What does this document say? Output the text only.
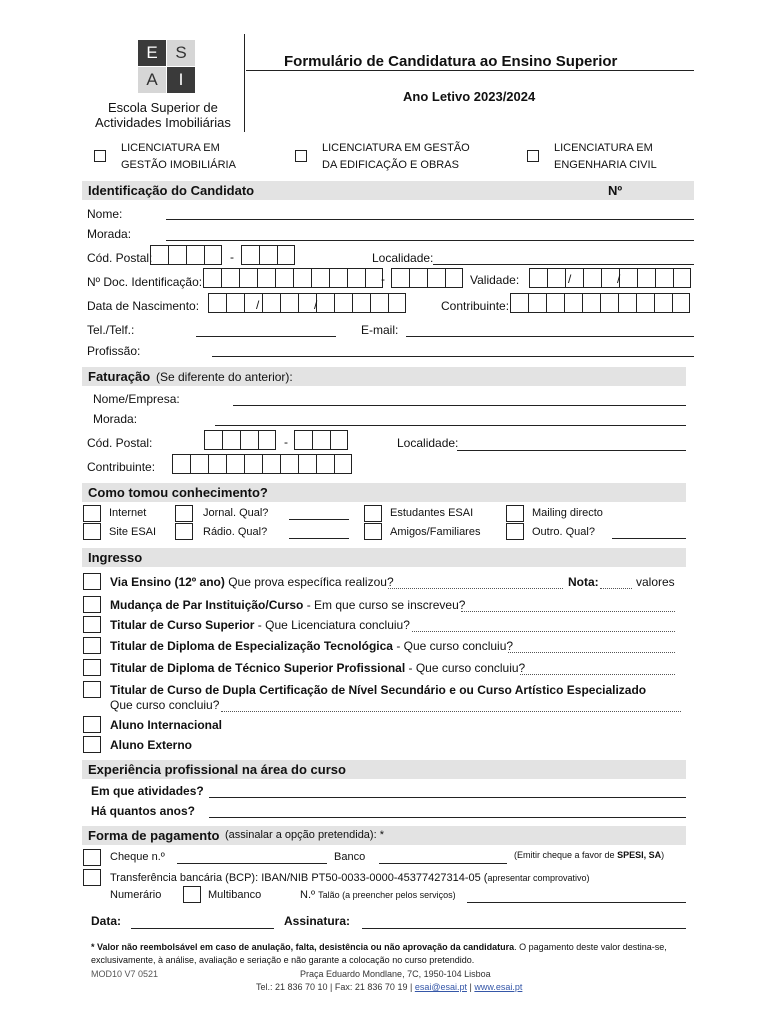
E	S
A	I
Escola Superior de
Actividades Imobiliárias
Formulário de Candidatura ao Ensino Superior
Ano Letivo 2023/2024
LICENCIATURA EM
GESTÃO IMOBILIÁRIA
LICENCIATURA EM GESTÃO
DA EDIFICAÇÃO E OBRAS
LICENCIATURA EM
ENGENHARIA CIVIL
Identificação do Candidato	Nº
Nome:
Morada:
Cód. Postal:	-	Localidade:
Nº Doc. Identificação:	-	Validade:	/	/
Data de Nascimento:	/	/	Contribuinte:
Tel./Telf.:	E-mail:
Profissão:
Faturação (Se diferente do anterior):
Nome/Empresa:
Morada:
Cód. Postal:	-	Localidade:
Contribuinte:
Como tomou conhecimento?
Internet	Jornal. Qual?	Estudantes ESAI	Mailing directo
Site ESAI	Rádio. Qual?	Amigos/Familiares	Outro. Qual?
Ingresso
Via Ensino (12º ano) Que prova específica realizou?	Nota:	valores
Mudança de Par Instituição/Curso - Em que curso se inscreveu?
Titular de Curso Superior - Que Licenciatura concluiu?
Titular de Diploma de Especialização Tecnológica - Que curso concluiu?
Titular de Diploma de Técnico Superior Profissional - Que curso concluiu?
Titular de Curso de Dupla Certificação de Nível Secundário e ou Curso Artístico Especializado
Que curso concluiu?
Aluno Internacional
Aluno Externo
Experiência profissional na área do curso
Em que atividades?
Há quantos anos?
Forma de pagamento (assinalar a opção pretendida): *
Cheque n.º	Banco	(Emitir cheque a favor de SPESI, SA)
Transferência bancária (BCP): IBAN/NIB PT50-0033-0000-45377427314-05 (apresentar comprovativo)
Numerário	Multibanco	N.º Talão (a preencher pelos serviços)
Data:	Assinatura:
* Valor não reembolsável em caso de anulação, falta, desistência ou não aprovação da candidatura. O pagamento deste valor destina-se,
exclusivamente, à análise, avaliação e seriação e não garante a colocação no curso pretendido.
MOD10 V7 0521	Praça Eduardo Mondlane, 7C, 1950-104 Lisboa
Tel.: 21 836 70 10 | Fax: 21 836 70 19 | esai@esai.pt | www.esai.pt
